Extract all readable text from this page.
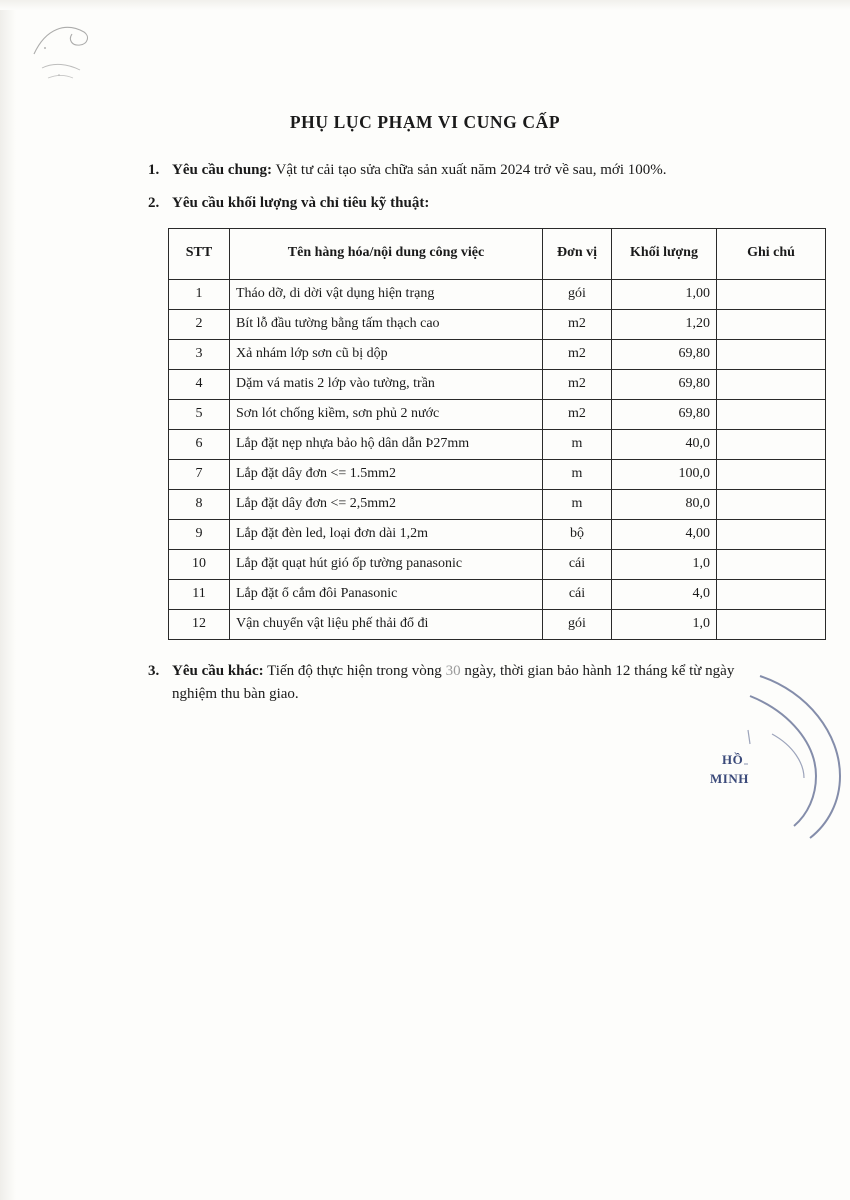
PHỤ LỤC PHẠM VI CUNG CẤP
1. Yêu cầu chung: Vật tư cải tạo sửa chữa sản xuất năm 2024 trở về sau, mới 100%.
2. Yêu cầu khối lượng và chỉ tiêu kỹ thuật:
STT	Tên hàng hóa/nội dung công việc	Đơn vị	Khối lượng	Ghi chú
1	Tháo dỡ, di dời vật dụng hiện trạng	gói	1,00	
2	Bít lỗ đầu tường bằng tấm thạch cao	m2	1,20	
3	Xả nhám lớp sơn cũ bị dộp	m2	69,80	
4	Dặm vá matis 2 lớp vào tường, trần	m2	69,80	
5	Sơn lót chống kiềm, sơn phủ 2 nước	m2	69,80	
6	Lắp đặt nẹp nhựa bảo hộ dân dẫn Þ27mm	m	40,0	
7	Lắp đặt dây đơn <= 1.5mm2	m	100,0	
8	Lắp đặt dây đơn <= 2,5mm2	m	80,0	
9	Lắp đặt đèn led, loại đơn dài 1,2m	bộ	4,00	
10	Lắp đặt quạt hút gió ốp tường panasonic	cái	1,0	
11	Lắp đặt ổ cắm đôi Panasonic	cái	4,0	
12	Vận chuyển vật liệu phế thải đổ đi	gói	1,0	
3. Yêu cầu khác: Tiến độ thực hiện trong vòng 30 ngày, thời gian bảo hành 12 tháng kể từ ngày nghiệm thu bàn giao.
HỒ
MINH
